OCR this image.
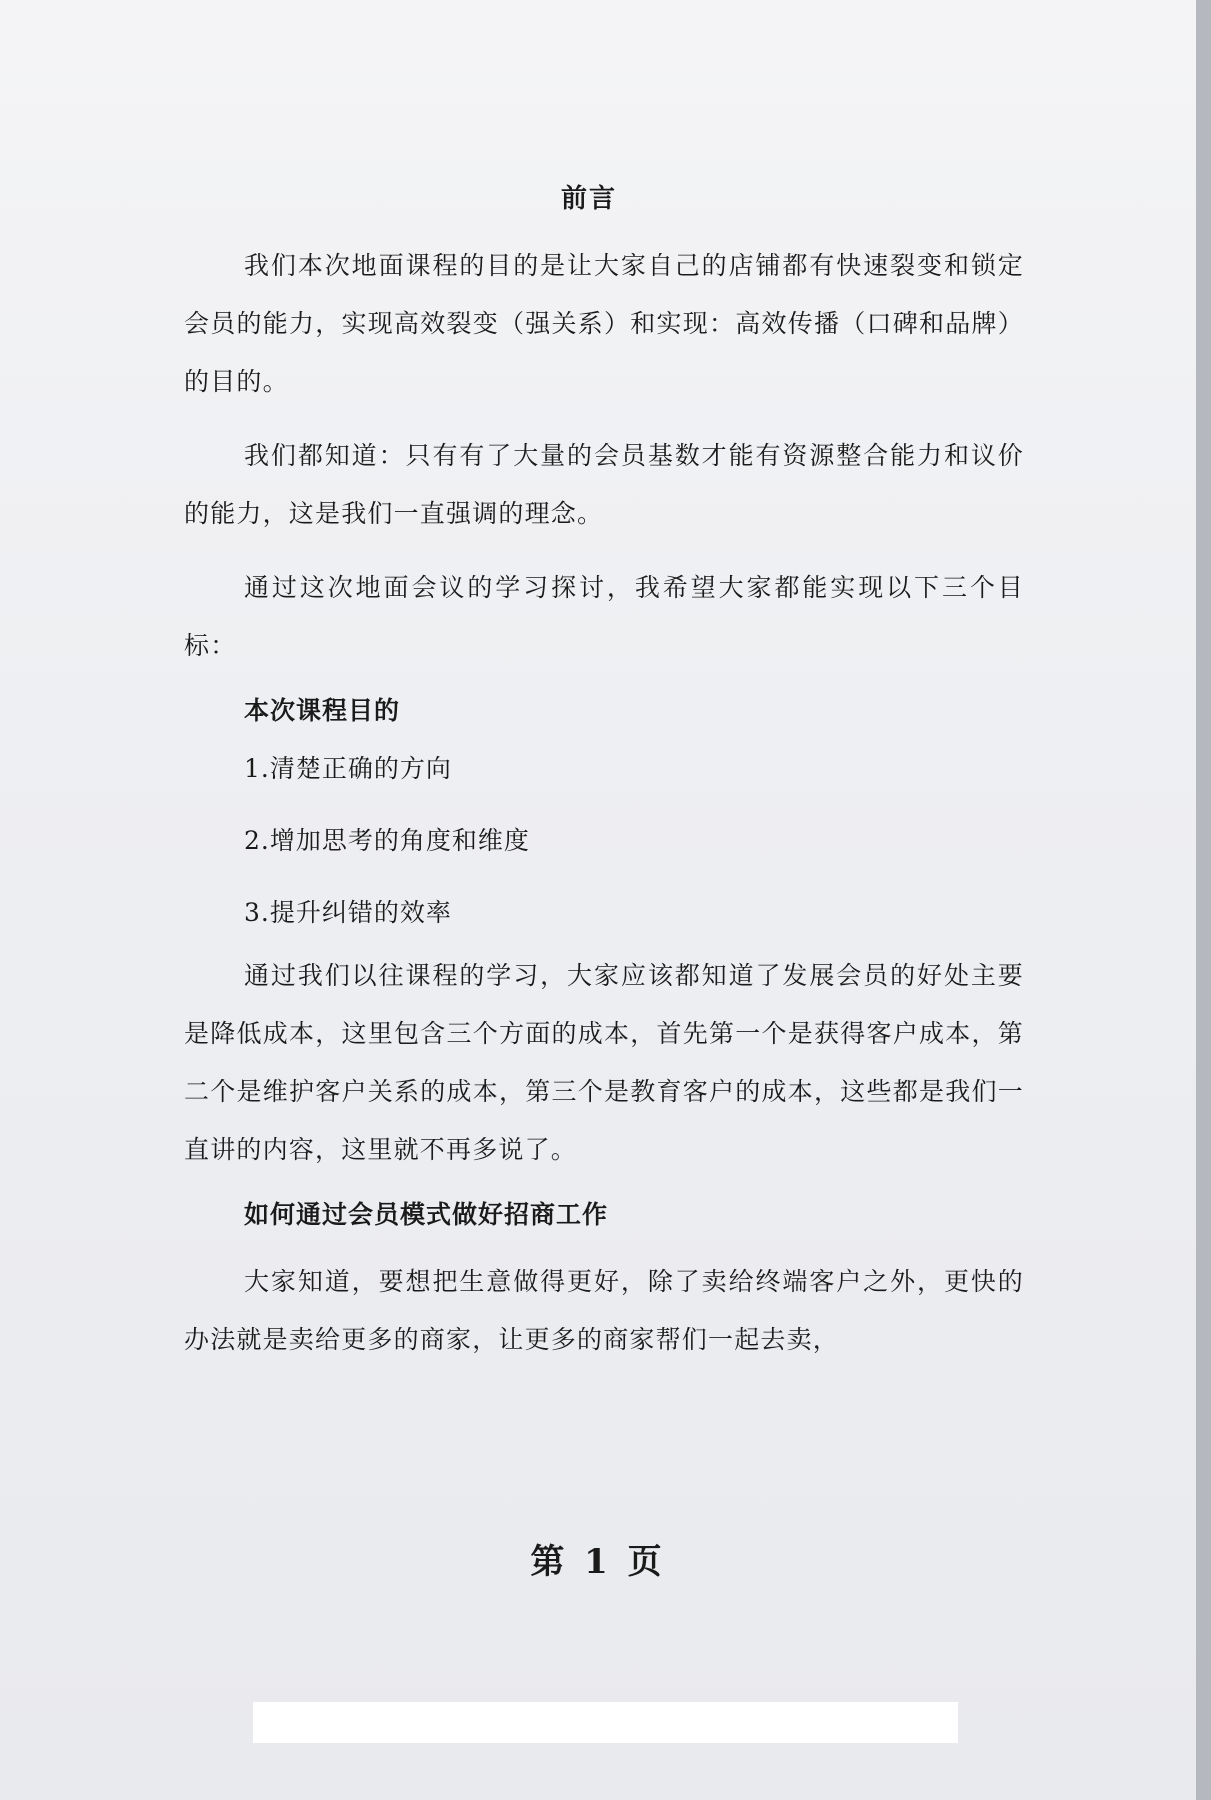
前言

我们本次地面课程的目的是让大家自己的店铺都有快速裂变和锁定会员的能力，实现高效裂变（强关系）和实现：高效传播（口碑和品牌）的目的。

我们都知道：只有有了大量的会员基数才能有资源整合能力和议价的能力，这是我们一直强调的理念。

通过这次地面会议的学习探讨，我希望大家都能实现以下三个目标：

本次课程目的
1.清楚正确的方向
2.增加思考的角度和维度
3.提升纠错的效率

通过我们以往课程的学习，大家应该都知道了发展会员的好处主要是降低成本，这里包含三个方面的成本，首先第一个是获得客户成本，第二个是维护客户关系的成本，第三个是教育客户的成本，这些都是我们一直讲的内容，这里就不再多说了。

如何通过会员模式做好招商工作

大家知道，要想把生意做得更好，除了卖给终端客户之外，更快的办法就是卖给更多的商家，让更多的商家帮们一起去卖，

第 1 页
